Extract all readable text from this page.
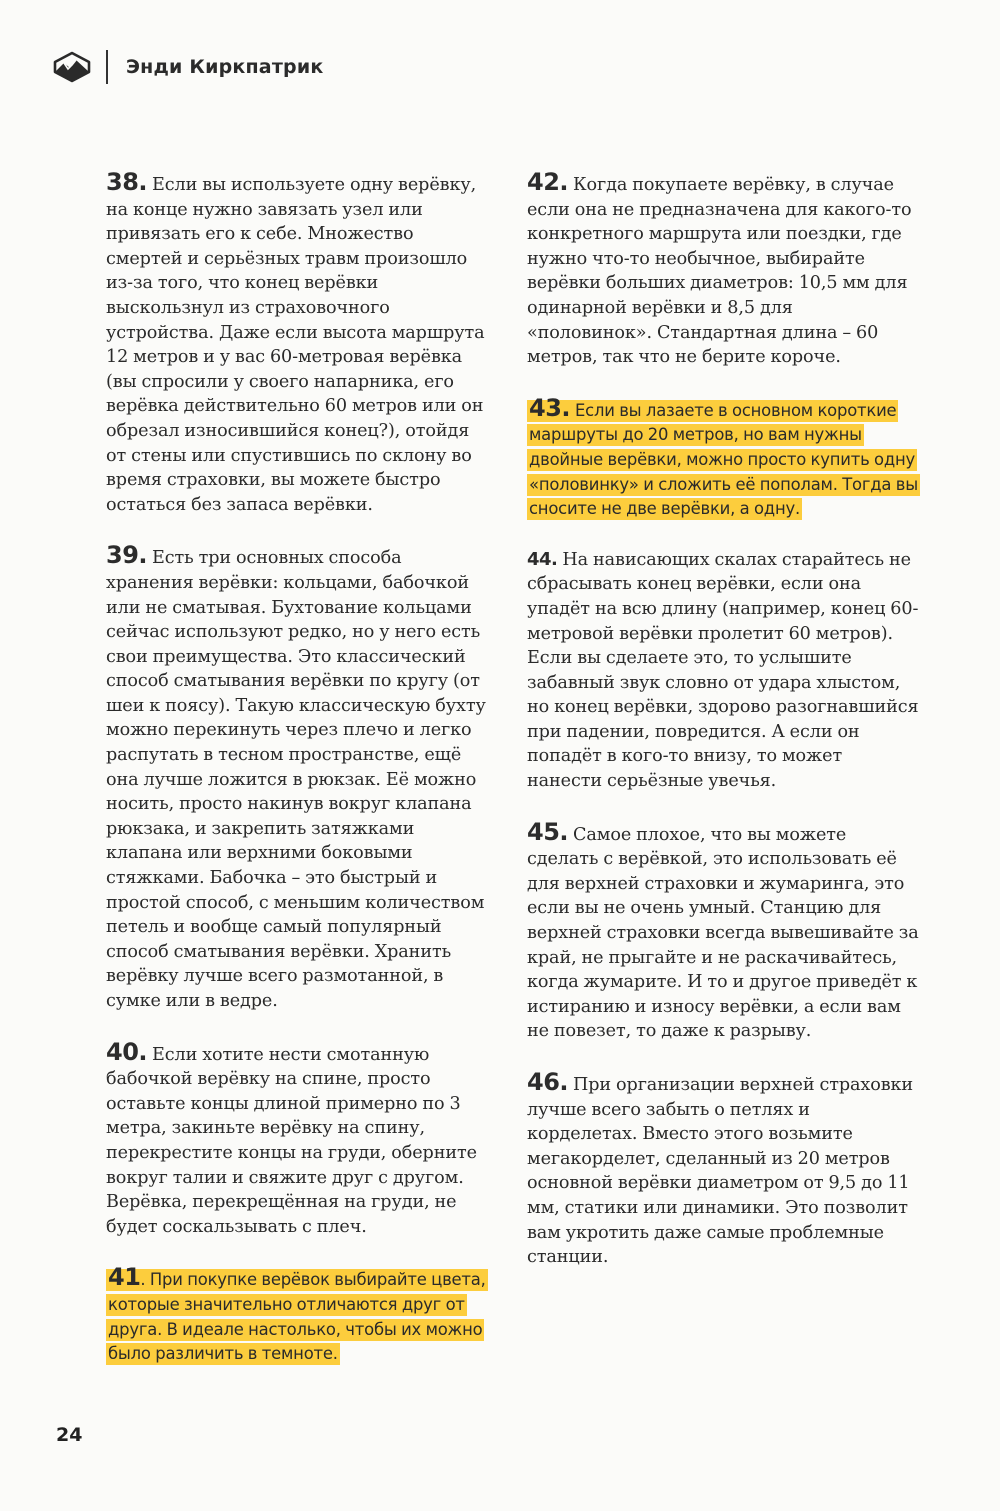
Энди Киркпатрик

38. Если вы используете одну верёвку, на конце нужно завязать узел или привязать его к себе. Множество смертей и серьёзных травм произошло из-за того, что конец верёвки выскользнул из страховочного устройства. Даже если высота маршрута 12 метров и у вас 60-метровая верёвка (вы спросили у своего напарника, его верёвка действительно 60 метров или он обрезал износившийся конец?), отойдя от стены или спустившись по склону во время страховки, вы можете быстро остаться без запаса верёвки.

39. Есть три основных способа хранения верёвки: кольцами, бабочкой или не сматывая. Бухтование кольцами сейчас используют редко, но у него есть свои преимущества. Это классический способ сматывания верёвки по кругу (от шеи к поясу). Такую классическую бухту можно перекинуть через плечо и легко распутать в тесном пространстве, ещё она лучше ложится в рюкзак. Её можно носить, просто накинув вокруг клапана рюкзака, и закрепить затяжками клапана или верхними боковыми стяжками. Бабочка – это быстрый и простой способ, с меньшим количеством петель и вообще самый популярный способ сматывания верёвки. Хранить верёвку лучше всего размотанной, в сумке или в ведре.

40. Если хотите нести смотанную бабочкой верёвку на спине, просто оставьте концы длиной примерно по 3 метра, закиньте верёвку на спину, перекрестите концы на груди, оберните вокруг талии и свяжите друг с другом. Верёвка, перекрещённая на груди, не будет соскальзывать с плеч.

41. При покупке верёвок выбирайте цвета, которые значительно отличаются друг от друга. В идеале настолько, чтобы их можно было различить в темноте.

42. Когда покупаете верёвку, в случае если она не предназначена для какого-то конкретного маршрута или поездки, где нужно что-то необычное, выбирайте верёвки больших диаметров: 10,5 мм для одинарной верёвки и 8,5 для «половинок». Стандартная длина – 60 метров, так что не берите короче.

43. Если вы лазаете в основном короткие маршруты до 20 метров, но вам нужны двойные верёвки, можно просто купить одну «половинку» и сложить её пополам. Тогда вы сносите не две верёвки, а одну.

44. На нависающих скалах старайтесь не сбрасывать конец верёвки, если она упадёт на всю длину (например, конец 60-метровой верёвки пролетит 60 метров). Если вы сделаете это, то услышите забавный звук словно от удара хлыстом, но конец верёвки, здорово разогнавшийся при падении, повредится. А если он попадёт в кого-то внизу, то может нанести серьёзные увечья.

45. Самое плохое, что вы можете сделать с верёвкой, это использовать её для верхней страховки и жумаринга, это если вы не очень умный. Станцию для верхней страховки всегда вывешивайте за край, не прыгайте и не раскачивайтесь, когда жумарите. И то и другое приведёт к истиранию и износу верёвки, а если вам не повезет, то даже к разрыву.

46. При организации верхней страховки лучше всего забыть о петлях и корделетах. Вместо этого возьмите мегакорделет, сделанный из 20 метров основной верёвки диаметром от 9,5 до 11 мм, статики или динамики. Это позволит вам укротить даже самые проблемные станции.

24
